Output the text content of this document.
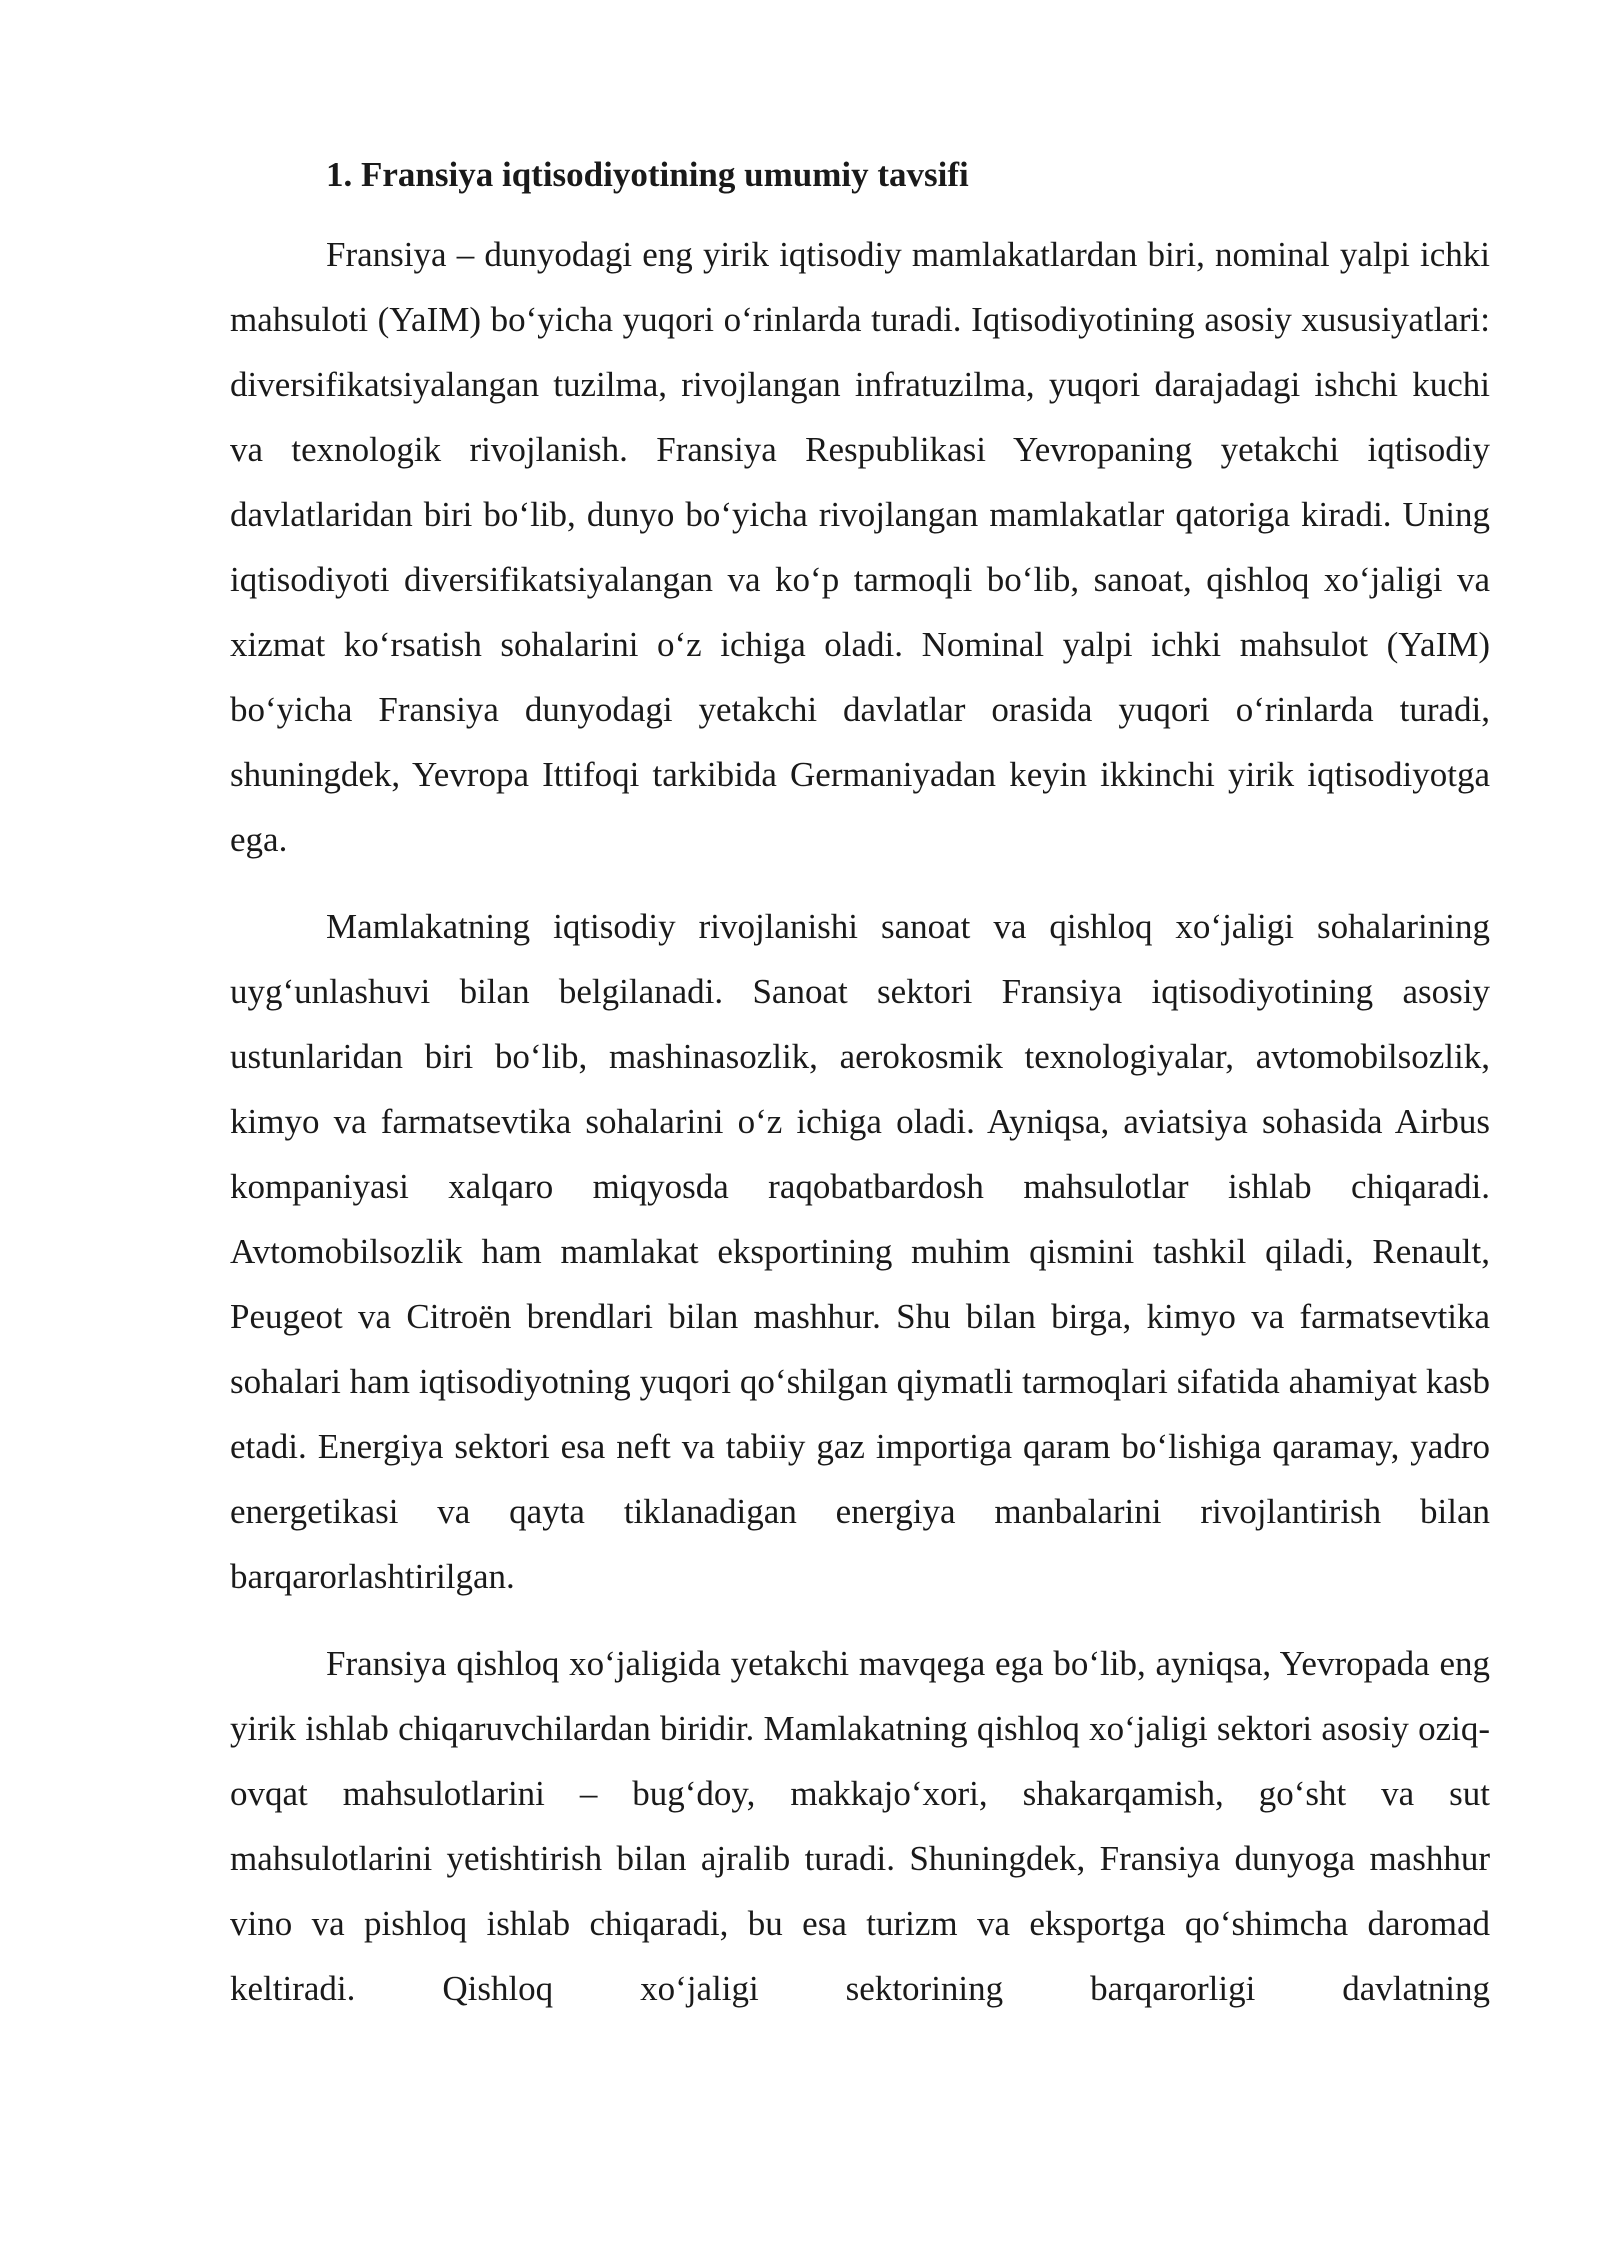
1. Fransiya iqtisodiyotining umumiy tavsifi

Fransiya – dunyodagi eng yirik iqtisodiy mamlakatlardan biri, nominal yalpi ichki mahsuloti (YaIM) bo‘yicha yuqori o‘rinlarda turadi. Iqtisodiyotining asosiy xususiyatlari: diversifikatsiyalangan tuzilma, rivojlangan infratuzilma, yuqori darajadagi ishchi kuchi va texnologik rivojlanish. Fransiya Respublikasi Yevropaning yetakchi iqtisodiy davlatlaridan biri bo‘lib, dunyo bo‘yicha rivojlangan mamlakatlar qatoriga kiradi. Uning iqtisodiyoti diversifikatsiyalangan va ko‘p tarmoqli bo‘lib, sanoat, qishloq xo‘jaligi va xizmat ko‘rsatish sohalarini o‘z ichiga oladi. Nominal yalpi ichki mahsulot (YaIM) bo‘yicha Fransiya dunyodagi yetakchi davlatlar orasida yuqori o‘rinlarda turadi, shuningdek, Yevropa Ittifoqi tarkibida Germaniyadan keyin ikkinchi yirik iqtisodiyotga ega.

Mamlakatning iqtisodiy rivojlanishi sanoat va qishloq xo‘jaligi sohalarining uyg‘unlashuvi bilan belgilanadi. Sanoat sektori Fransiya iqtisodiyotining asosiy ustunlaridan biri bo‘lib, mashinasozlik, aerokosmik texnologiyalar, avtomobilsozlik, kimyo va farmatsevtika sohalarini o‘z ichiga oladi. Ayniqsa, aviatsiya sohasida Airbus kompaniyasi xalqaro miqyosda raqobatbardosh mahsulotlar ishlab chiqaradi. Avtomobilsozlik ham mamlakat eksportining muhim qismini tashkil qiladi, Renault, Peugeot va Citroën brendlari bilan mashhur. Shu bilan birga, kimyo va farmatsevtika sohalari ham iqtisodiyotning yuqori qo‘shilgan qiymatli tarmoqlari sifatida ahamiyat kasb etadi. Energiya sektori esa neft va tabiiy gaz importiga qaram bo‘lishiga qaramay, yadro energetikasi va qayta tiklanadigan energiya manbalarini rivojlantirish bilan barqarorlashtirilgan.

Fransiya qishloq xo‘jaligida yetakchi mavqega ega bo‘lib, ayniqsa, Yevropada eng yirik ishlab chiqaruvchilardan biridir. Mamlakatning qishloq xo‘jaligi sektori asosiy oziq-ovqat mahsulotlarini – bug‘doy, makkajo‘xori, shakarqamish, go‘sht va sut mahsulotlarini yetishtirish bilan ajralib turadi. Shuningdek, Fransiya dunyoga mashhur vino va pishloq ishlab chiqaradi, bu esa turizm va eksportga qo‘shimcha daromad keltiradi. Qishloq xo‘jaligi sektorining barqarorligi davlatning
